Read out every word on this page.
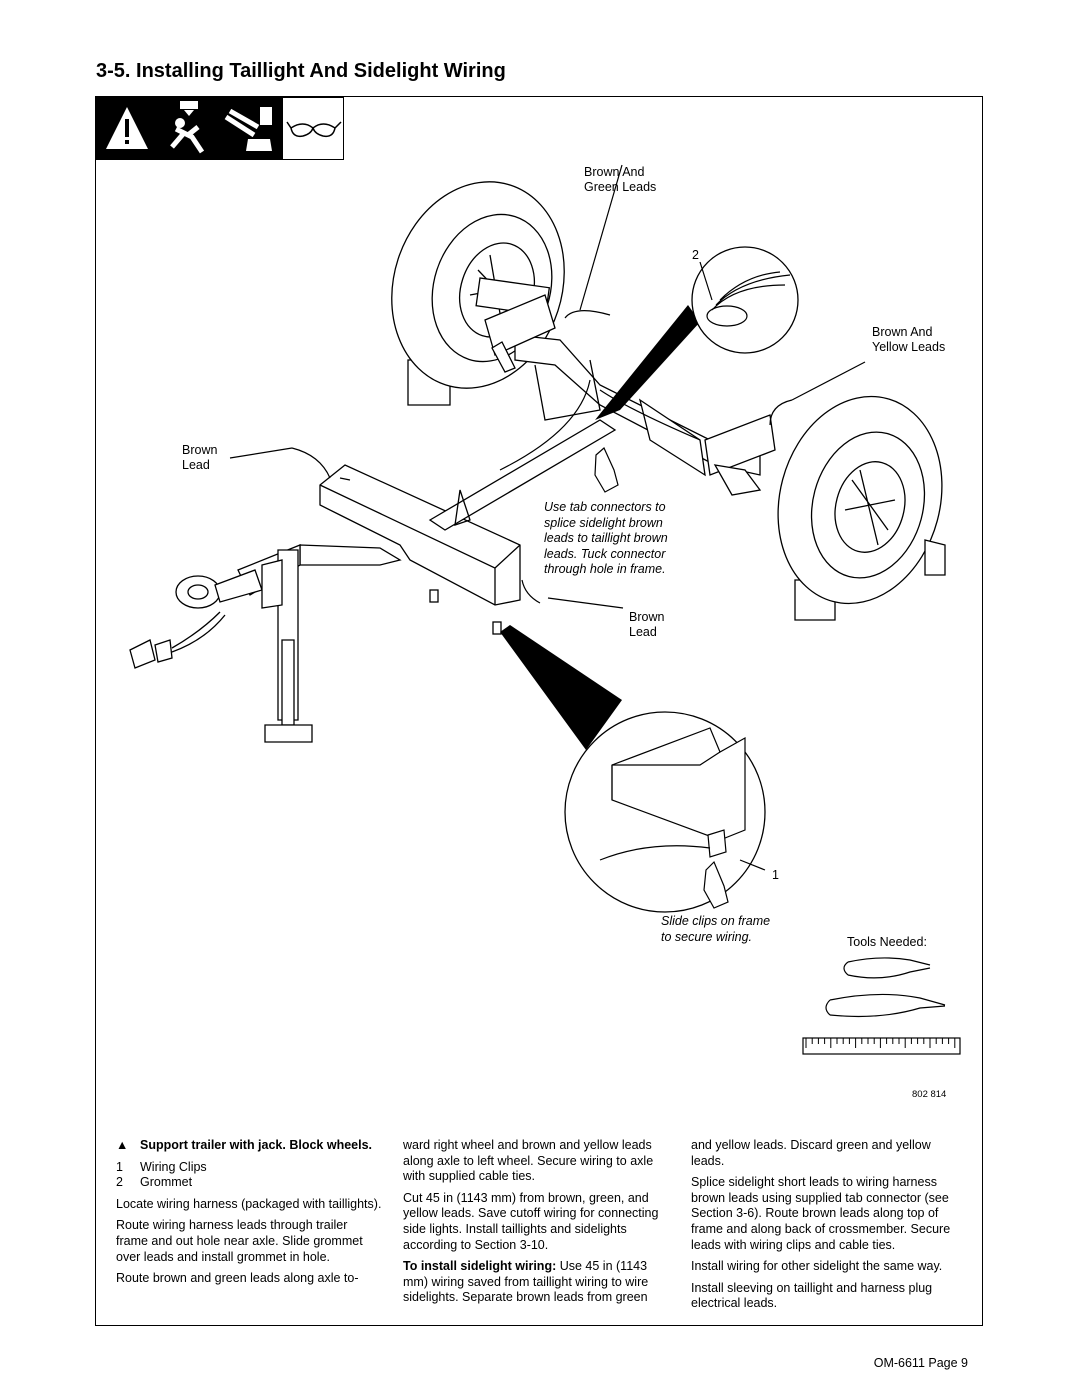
3-5. Installing Taillight And Sidelight Wiring
Brown And
Green Leads
2
Brown And
Yellow Leads
Brown
Lead
Use tab connectors to
splice sidelight brown
leads to taillight brown
leads. Tuck connector
through hole in frame.
Brown
Lead
1
Slide clips on frame
to secure wiring.	Tools Needed:
802 814

▲ Support trailer with jack. Block wheels.

1 Wiring Clips

2 Grommet

Locate wiring harness (packaged with taillights).

Route wiring harness leads through trailer frame and out hole near axle. Slide grommet over leads and install grommet in hole.

Route brown and green leads along axle to-

ward right wheel and brown and yellow leads along axle to left wheel. Secure wiring to axle with supplied cable ties.

Cut 45 in (1143 mm) from brown, green, and yellow leads. Save cutoff wiring for connecting side lights. Install taillights and sidelights according to Section 3-10.

To install sidelight wiring: Use 45 in (1143 mm) wiring saved from taillight wiring to wire sidelights. Separate brown leads from green

and yellow leads. Discard green and yellow leads.

Splice sidelight short leads to wiring harness brown leads using supplied tab connector (see Section 3-6). Route brown leads along top of frame and along back of crossmember. Secure leads with wiring clips and cable ties.

Install wiring for other sidelight the same way.

Install sleeving on taillight and harness plug electrical leads.

OM-6611 Page 9
